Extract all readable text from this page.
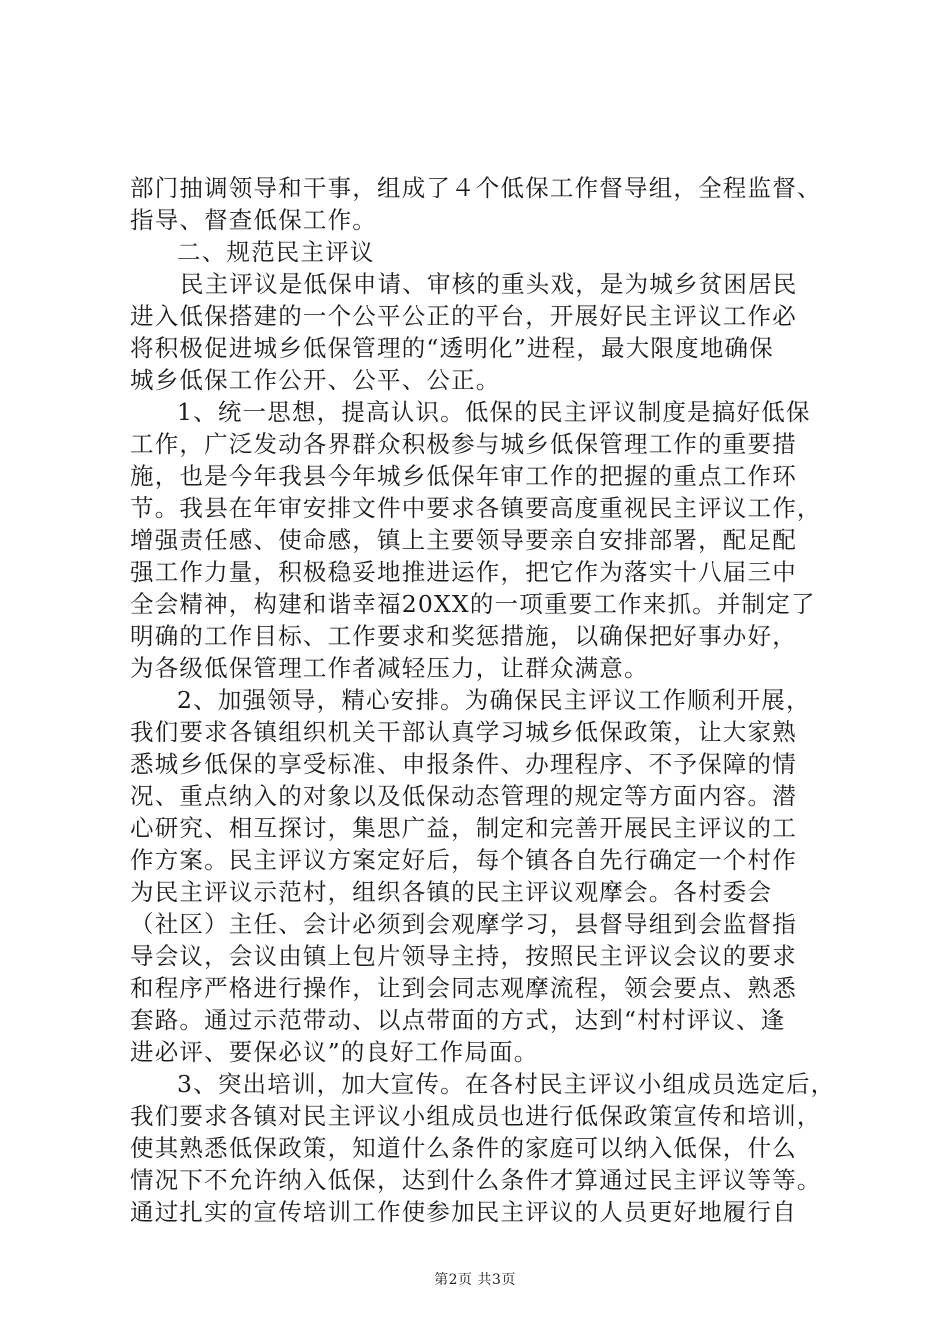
部门抽调领导和干事，组成了４个低保工作督导组，全程监督、
指导、督查低保工作。
二、规范民主评议
民主评议是低保申请、审核的重头戏，是为城乡贫困居民
进入低保搭建的一个公平公正的平台，开展好民主评议工作必
将积极促进城乡低保管理的“透明化”进程，最大限度地确保
城乡低保工作公开、公平、公正。
1、统一思想，提高认识。低保的民主评议制度是搞好低保
工作，广泛发动各界群众积极参与城乡低保管理工作的重要措
施，也是今年我县今年城乡低保年审工作的把握的重点工作环
节。我县在年审安排文件中要求各镇要高度重视民主评议工作，
增强责任感、使命感，镇上主要领导要亲自安排部署，配足配
强工作力量，积极稳妥地推进运作，把它作为落实十八届三中
全会精神，构建和谐幸福20XX的一项重要工作来抓。并制定了
明确的工作目标、工作要求和奖惩措施，以确保把好事办好，
为各级低保管理工作者减轻压力，让群众满意。
2、加强领导，精心安排。为确保民主评议工作顺利开展，
我们要求各镇组织机关干部认真学习城乡低保政策，让大家熟
悉城乡低保的享受标准、申报条件、办理程序、不予保障的情
况、重点纳入的对象以及低保动态管理的规定等方面内容。潜
心研究、相互探讨，集思广益，制定和完善开展民主评议的工
作方案。民主评议方案定好后，每个镇各自先行确定一个村作
为民主评议示范村，组织各镇的民主评议观摩会。各村委会
（社区）主任、会计必须到会观摩学习，县督导组到会监督指
导会议，会议由镇上包片领导主持，按照民主评议会议的要求
和程序严格进行操作，让到会同志观摩流程，领会要点、熟悉
套路。通过示范带动、以点带面的方式，达到“村村评议、逢
进必评、要保必议”的良好工作局面。
3、突出培训，加大宣传。在各村民主评议小组成员选定后，
我们要求各镇对民主评议小组成员也进行低保政策宣传和培训，
使其熟悉低保政策，知道什么条件的家庭可以纳入低保，什么
情况下不允许纳入低保，达到什么条件才算通过民主评议等等。
通过扎实的宣传培训工作使参加民主评议的人员更好地履行自
第2页 共3页
